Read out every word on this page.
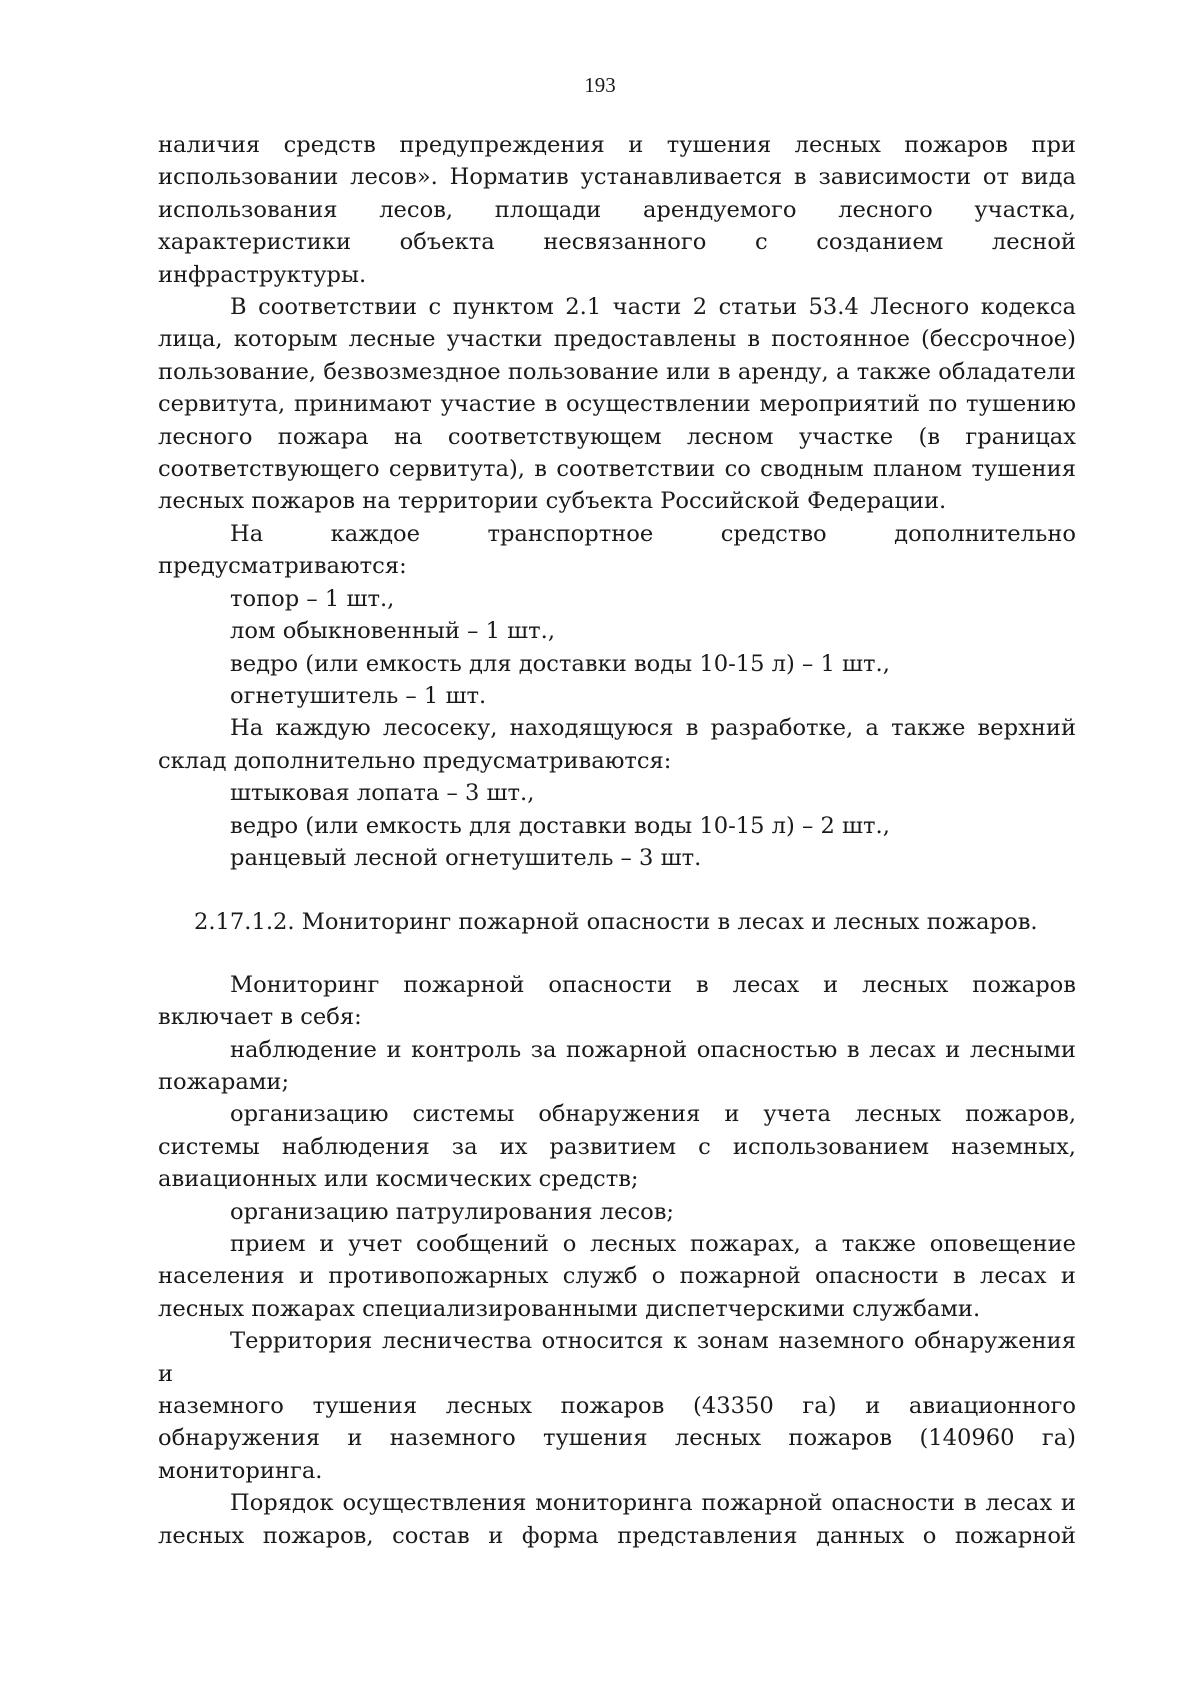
193
наличия средств предупреждения и тушения лесных пожаров при
использовании лесов». Норматив устанавливается в зависимости от вида
использования лесов, площади арендуемого лесного участка,
характеристики объекта несвязанного с созданием лесной
инфраструктуры.
В соответствии с пунктом 2.1 части 2 статьи 53.4 Лесного кодекса
лица, которым лесные участки предоставлены в постоянное (бессрочное)
пользование, безвозмездное пользование или в аренду, а также обладатели
сервитута, принимают участие в осуществлении мероприятий по тушению
лесного пожара на соответствующем лесном участке (в границах
соответствующего сервитута), в соответствии со сводным планом тушения
лесных пожаров на территории субъекта Российской Федерации.
На каждое транспортное средство дополнительно
предусматриваются:
топор – 1 шт.,
лом обыкновенный – 1 шт.,
ведро (или емкость для доставки воды 10-15 л) – 1 шт.,
огнетушитель – 1 шт.
На каждую лесосеку, находящуюся в разработке, а также верхний
склад дополнительно предусматриваются:
штыковая лопата – 3 шт.,
ведро (или емкость для доставки воды 10-15 л) – 2 шт.,
ранцевый лесной огнетушитель – 3 шт.
2.17.1.2. Мониторинг пожарной опасности в лесах и лесных пожаров.
Мониторинг пожарной опасности в лесах и лесных пожаров
включает в себя:
наблюдение и контроль за пожарной опасностью в лесах и лесными
пожарами;
организацию системы обнаружения и учета лесных пожаров,
системы наблюдения за их развитием с использованием наземных,
авиационных или космических средств;
организацию патрулирования лесов;
прием и учет сообщений о лесных пожарах, а также оповещение
населения и противопожарных служб о пожарной опасности в лесах и
лесных пожарах специализированными диспетчерскими службами.
Территория лесничества относится к зонам наземного обнаружения и
наземного тушения лесных пожаров (43350 га) и авиационного
обнаружения и наземного тушения лесных пожаров (140960 га)
мониторинга.
Порядок осуществления мониторинга пожарной опасности в лесах и
лесных пожаров, состав и форма представления данных о пожарной
